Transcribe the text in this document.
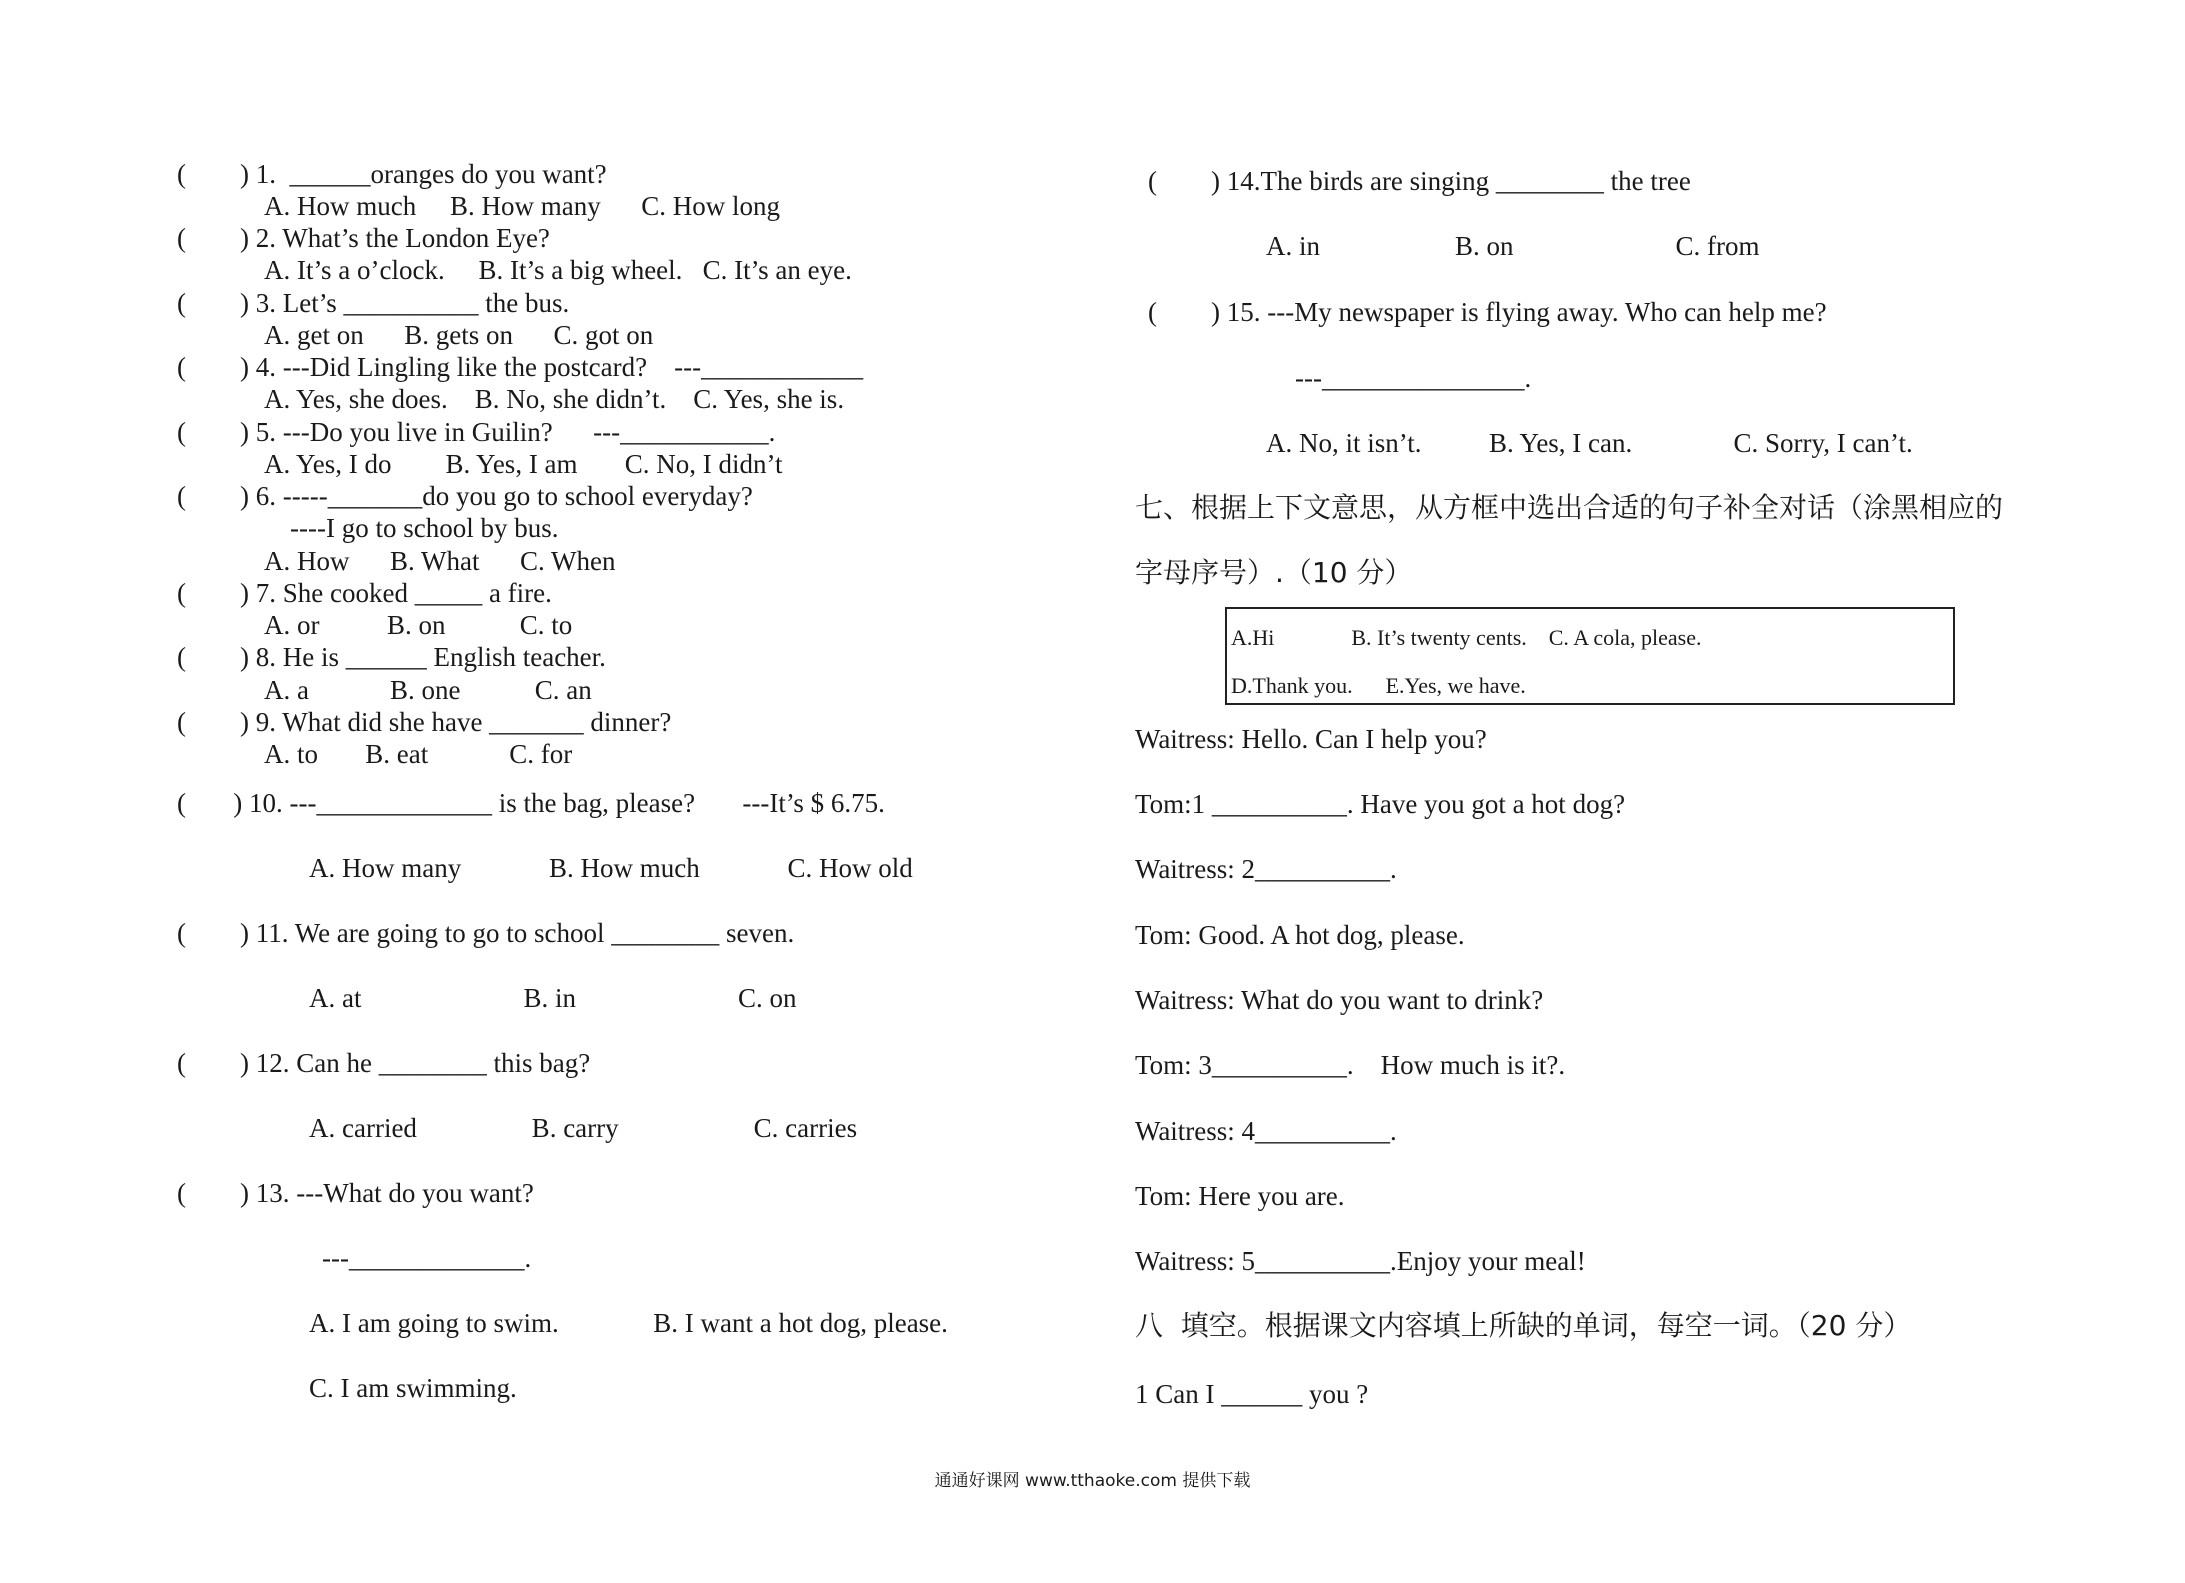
(        ) 1.  ______oranges do you want?
A. How much     B. How many      C. How long
(        ) 2. What’s the London Eye?
A. It’s a o’clock.     B. It’s a big wheel.   C. It’s an eye.
(        ) 3. Let’s __________ the bus.
A. get on      B. gets on      C. got on
(        ) 4. ---Did Lingling like the postcard?    ---____________
A. Yes, she does.    B. No, she didn’t.    C. Yes, she is.
(        ) 5. ---Do you live in Guilin?      ---___________.
A. Yes, I do        B. Yes, I am       C. No, I didn’t
(        ) 6. -----_______do you go to school everyday?
----I go to school by bus.
A. How      B. What      C. When
(        ) 7. She cooked _____ a fire.
A. or          B. on           C. to
(        ) 8. He is ______ English teacher.
A. a            B. one           C. an
(        ) 9. What did she have _______ dinner?
A. to       B. eat            C. for
(       ) 10. ---_____________ is the bag, please?       ---It’s $ 6.75.
A. How many             B. How much             C. How old
(        ) 11. We are going to go to school ________ seven.
A. at                        B. in                        C. on
(        ) 12. Can he ________ this bag?
A. carried                 B. carry                    C. carries
(        ) 13. ---What do you want?
---_____________.
A. I am going to swim.              B. I want a hot dog, please.
C. I am swimming.
(        ) 14.The birds are singing ________ the tree
A. in                    B. on                        C. from
(        ) 15. ---My newspaper is flying away. Who can help me?
---_______________.
A. No, it isn’t.          B. Yes, I can.               C. Sorry, I can’t.
七、根据上下文意思，从方框中选出合适的句子补全对话（涂黑相应的
字母序号）.（10 分）
A.Hi              B. It’s twenty cents.    C. A cola, please.
D.Thank you.      E.Yes, we have.
Waitress: Hello. Can I help you?
Tom:1 __________. Have you got a hot dog?
Waitress: 2__________.
Tom: Good. A hot dog, please.
Waitress: What do you want to drink?
Tom: 3__________.    How much is it?.
Waitress: 4__________.
Tom: Here you are.
Waitress: 5__________.Enjoy your meal!
八  填空。根据课文内容填上所缺的单词，每空一词。（20 分）
1 Can I ______ you ?
通通好课网 www.tthaoke.com 提供下载
